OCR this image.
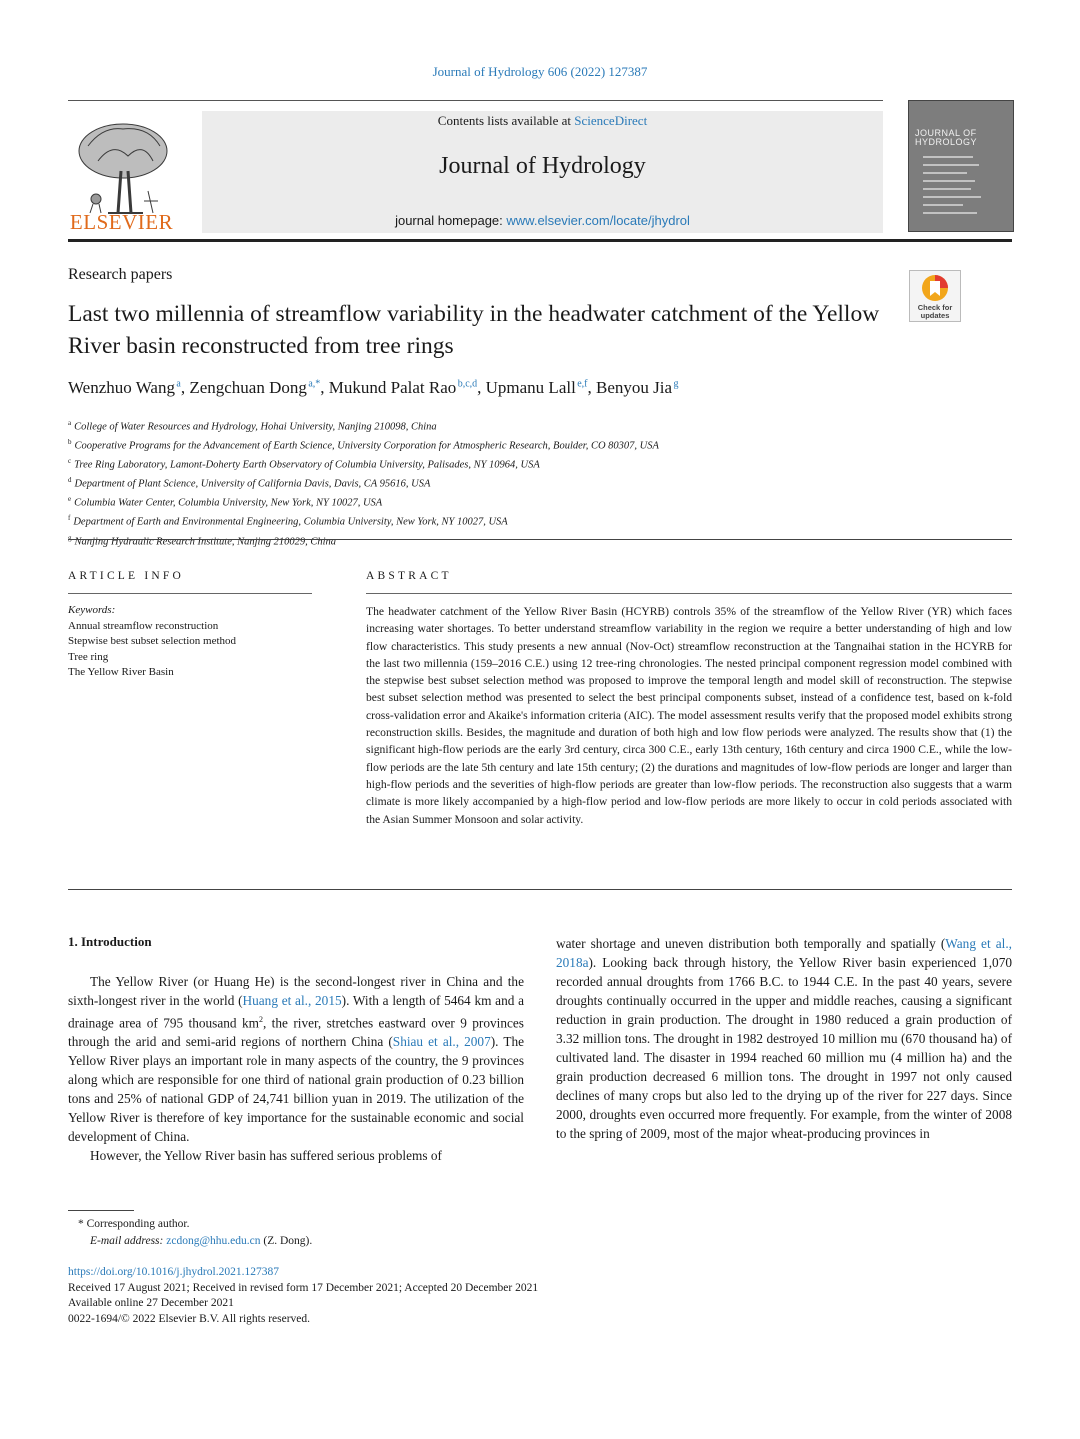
Journal of Hydrology 606 (2022) 127387
ELSEVIER
Contents lists available at ScienceDirect
Journal of Hydrology
journal homepage: www.elsevier.com/locate/jhydrol
JOURNAL OF HYDROLOGY
Research papers
Last two millennia of streamflow variability in the headwater catchment of the Yellow River basin reconstructed from tree rings
Check for
updates
Wenzhuo Wang $^a$, Zengchuan Dong $^{a,*}$, Mukund Palat Rao $^{b,c,d}$, Upmanu Lall $^{e,f}$, Benyou Jia $^g$
$^a$ College of Water Resources and Hydrology, Hohai University, Nanjing 210098, China
$^b$ Cooperative Programs for the Advancement of Earth Science, University Corporation for Atmospheric Research, Boulder, CO 80307, USA
$^c$ Tree Ring Laboratory, Lamont-Doherty Earth Observatory of Columbia University, Palisades, NY 10964, USA
$^d$ Department of Plant Science, University of California Davis, Davis, CA 95616, USA
$^e$ Columbia Water Center, Columbia University, New York, NY 10027, USA
$^f$ Department of Earth and Environmental Engineering, Columbia University, New York, NY 10027, USA
$^g$ Nanjing Hydraulic Research Institute, Nanjing 210029, China
ARTICLE INFO	ABSTRACT
Keywords:
Annual streamflow reconstruction
Stepwise best subset selection method
Tree ring
The Yellow River Basin
The headwater catchment of the Yellow River Basin (HCYRB) controls 35% of the streamflow of the Yellow River (YR) which faces increasing water shortages. To better understand streamflow variability in the region we require a better understanding of high and low flow characteristics. This study presents a new annual (Nov-Oct) streamflow reconstruction at the Tangnaihai station in the HCYRB for the last two millennia (159–2016 C.E.) using 12 tree-ring chronologies. The nested principal component regression model combined with the stepwise best subset selection method was proposed to improve the temporal length and model skill of reconstruction. The stepwise best subset selection method was presented to select the best principal components subset, instead of a confidence test, based on k-fold cross-validation error and Akaike's information criteria (AIC). The model assessment results verify that the proposed model exhibits strong reconstruction skills. Besides, the magnitude and duration of both high and low flow periods were analyzed. The results show that (1) the significant high-flow periods are the early 3rd century, circa 300 C.E., early 13th century, 16th century and circa 1900 C.E., while the low-flow periods are the late 5th century and late 15th century; (2) the durations and magnitudes of low-flow periods are longer and larger than high-flow periods and the severities of high-flow periods are greater than low-flow periods. The reconstruction also suggests that a warm climate is more likely accompanied by a high-flow period and low-flow periods are more likely to occur in cold periods associated with the Asian Summer Monsoon and solar activity.
1. Introduction

The Yellow River (or Huang He) is the second-longest river in China and the sixth-longest river in the world (Huang et al., 2015). With a length of 5464 km and a drainage area of 795 thousand $km^2$, the river, stretches eastward over 9 provinces through the arid and semi-arid regions of northern China (Shiau et al., 2007). The Yellow River plays an important role in many aspects of the country, the 9 provinces along which are responsible for one third of national grain production of 0.23 billion tons and 25% of national GDP of 24,741 billion yuan in 2019. The utilization of the Yellow River is therefore of key importance for the sustainable economic and social development of China.

However, the Yellow River basin has suffered serious problems of

water shortage and uneven distribution both temporally and spatially (Wang et al., 2018a). Looking back through history, the Yellow River basin experienced 1,070 recorded annual droughts from 1766 B.C. to 1944 C.E. In the past 40 years, severe droughts continually occurred in the upper and middle reaches, causing a significant reduction in grain production. The drought in 1980 reduced a grain production of 3.32 million tons. The drought in 1982 destroyed 10 million mu (670 thousand ha) of cultivated land. The disaster in 1994 reached 60 million mu (4 million ha) and the grain production decreased 6 million tons. The drought in 1997 not only caused declines of many crops but also led to the drying up of the river for 227 days. Since 2000, droughts even occurred more frequently. For example, from the winter of 2008 to the spring of 2009, most of the major wheat-producing provinces in

* Corresponding author.
E-mail address: zcdong@hhu.edu.cn (Z. Dong).
https://doi.org/10.1016/j.jhydrol.2021.127387
Received 17 August 2021; Received in revised form 17 December 2021; Accepted 20 December 2021
Available online 27 December 2021
0022-1694/© 2022 Elsevier B.V. All rights reserved.
